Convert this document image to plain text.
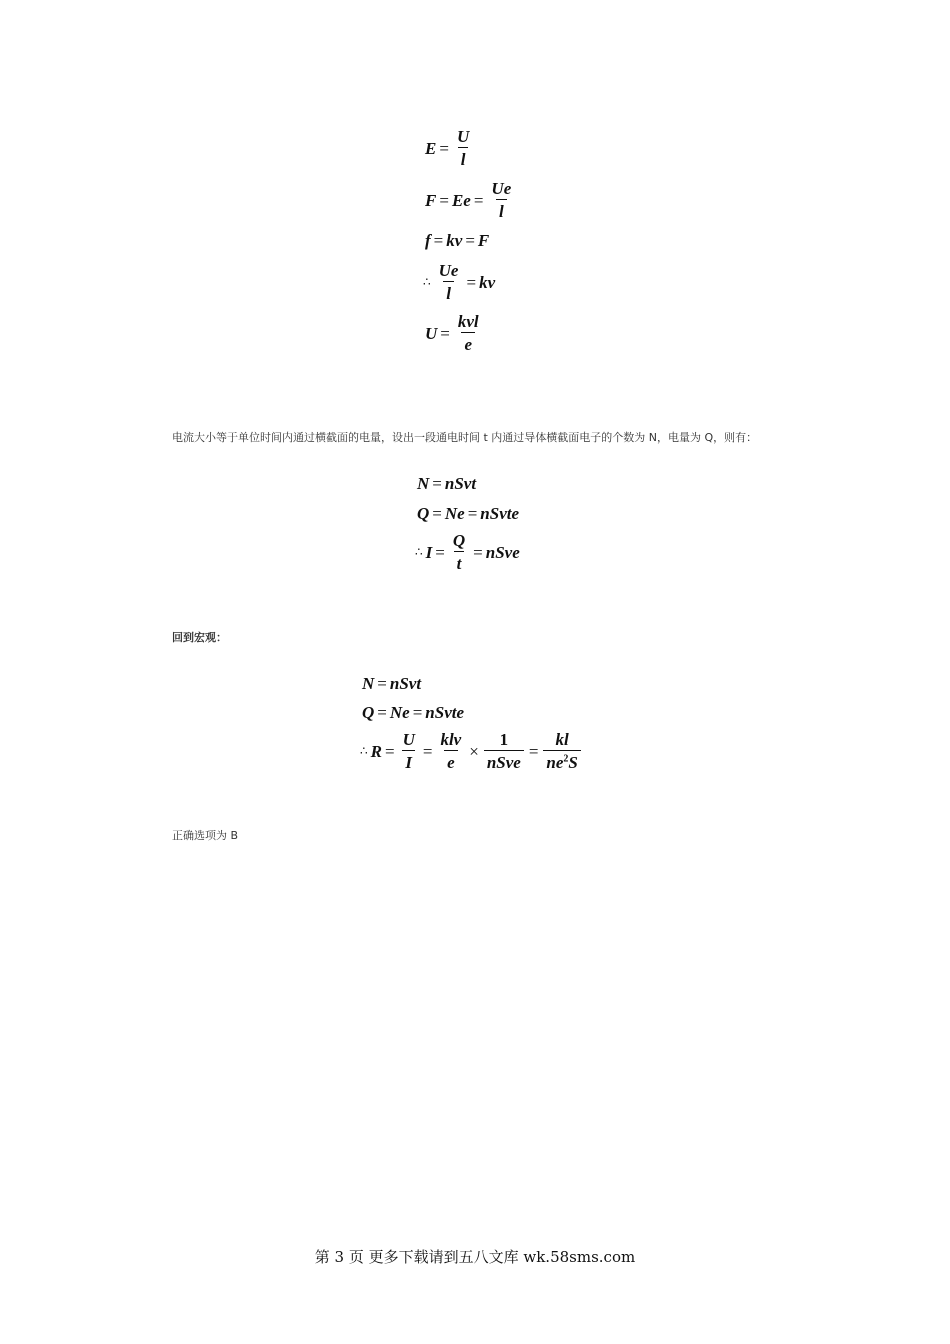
$E = \frac{U}{l}$
$F = Ee = \frac{Ue}{l}$
f = kv = F
∴ $\frac{Ue}{l}$ = kv
$U = \frac{\text{kvl}}{e}$
电流大小等于单位时间内通过横截面的电量，设出一段通电时间 t 内通过导体横截面电子的个数为 N，电量为 Q，则有：
N = nSvt
Q = Ne = nSvte
∴ $I = \frac{Q}{t}$ = nSve
回到宏观：
N = nSvt
Q = Ne = nSvte
∴ $R = \frac{U}{I} = \frac{\text{klv}}{e} \times \frac{1}{\text{nSve}} = \frac{kl}{ne^2S}$
正确选项为 B
第 3 页 更多下载请到五八文库 wk.58sms.com
